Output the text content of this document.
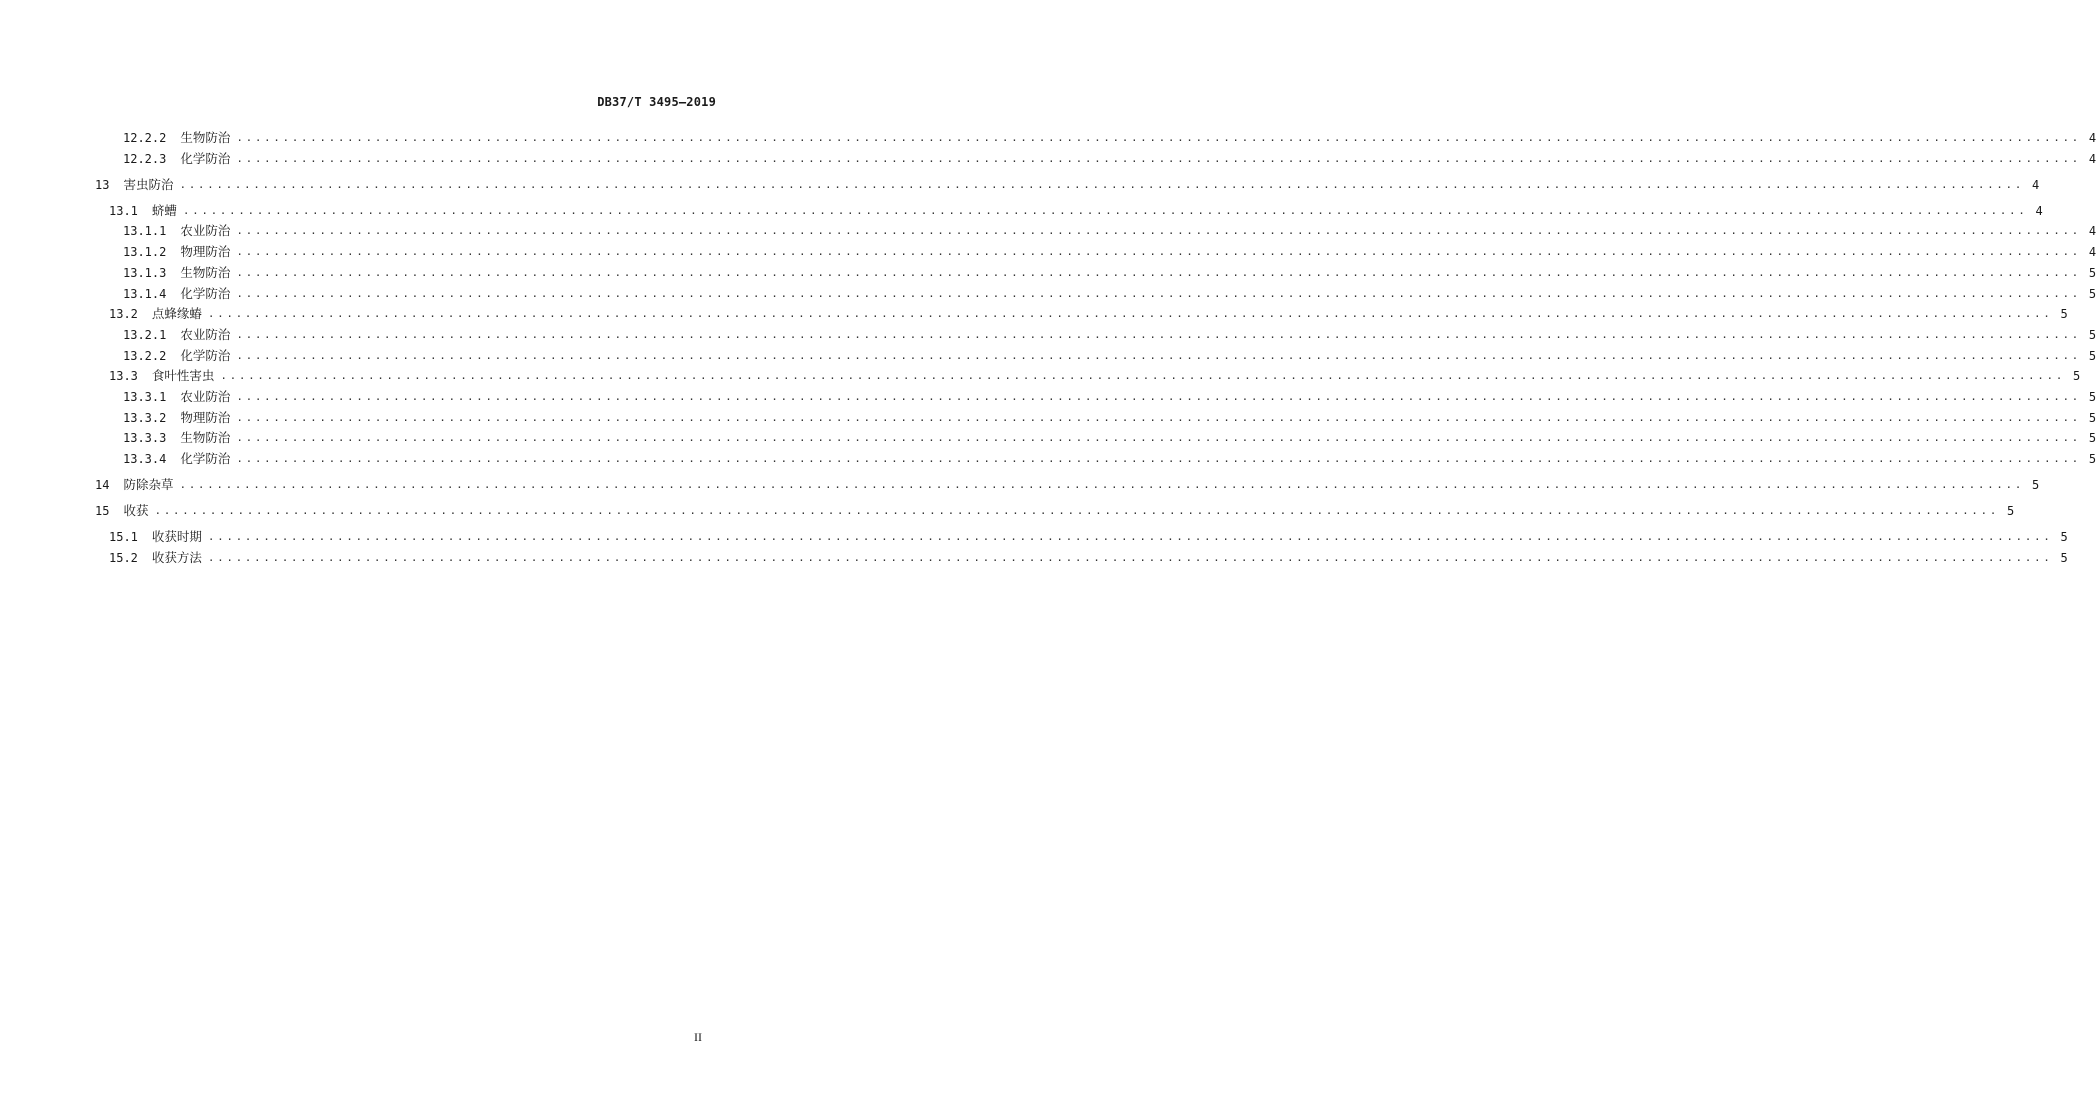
DB37/T 3495—2019
12.2.2 生物防治 ........................................................................................................................................................................................................ 4
12.2.3 化学防治 ........................................................................................................................................................................................................ 4
13 害虫防治 ........................................................................................................................................................................................................ 4
13.1 蛴螬 ........................................................................................................................................................................................................ 4
13.1.1 农业防治 ........................................................................................................................................................................................................ 4
13.1.2 物理防治 ........................................................................................................................................................................................................ 4
13.1.3 生物防治 ........................................................................................................................................................................................................ 5
13.1.4 化学防治 ........................................................................................................................................................................................................ 5
13.2 点蜂缘蝽 ........................................................................................................................................................................................................ 5
13.2.1 农业防治 ........................................................................................................................................................................................................ 5
13.2.2 化学防治 ........................................................................................................................................................................................................ 5
13.3 食叶性害虫 ........................................................................................................................................................................................................ 5
13.3.1 农业防治 ........................................................................................................................................................................................................ 5
13.3.2 物理防治 ........................................................................................................................................................................................................ 5
13.3.3 生物防治 ........................................................................................................................................................................................................ 5
13.3.4 化学防治 ........................................................................................................................................................................................................ 5
14 防除杂草 ........................................................................................................................................................................................................ 5
15 收获 ........................................................................................................................................................................................................ 5
15.1 收获时期 ........................................................................................................................................................................................................ 5
15.2 收获方法 ........................................................................................................................................................................................................ 5
II
